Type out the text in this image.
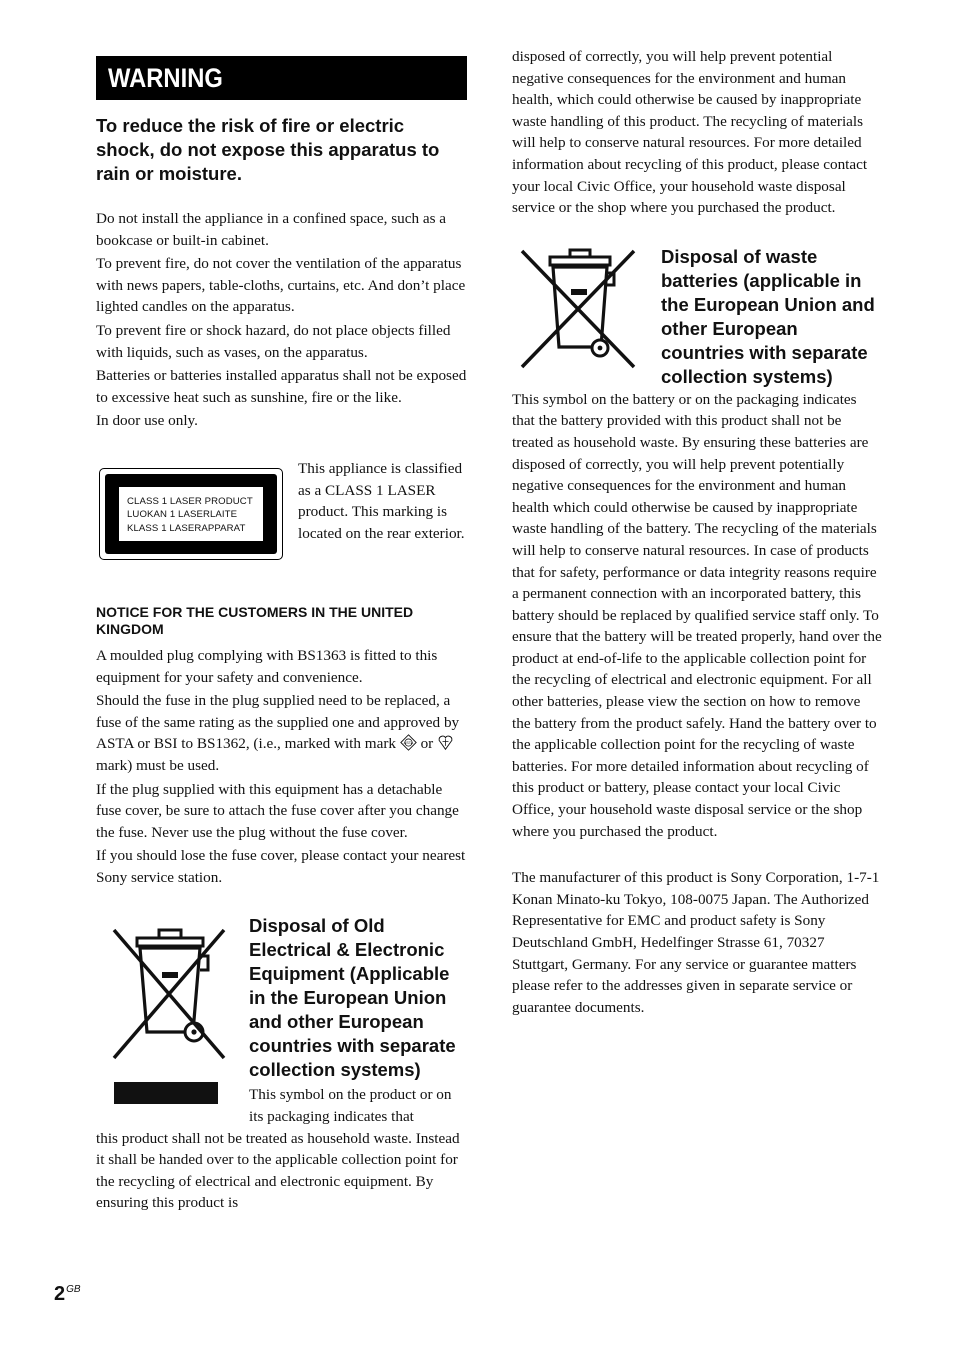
WARNING
To reduce the risk of fire or electric shock, do not expose this apparatus to rain or moisture.

Do not install the appliance in a confined space, such as a bookcase or built-in cabinet.

To prevent fire, do not cover the ventilation of the apparatus with news papers, table-cloths, curtains, etc. And don’t place lighted candles on the apparatus.

To prevent fire or shock hazard, do not place objects filled with liquids, such as vases, on the apparatus.

Batteries or batteries installed apparatus shall not be exposed to excessive heat such as sunshine, fire or the like.

In door use only.

CLASS 1 LASER PRODUCT
LUOKAN 1 LASERLAITE
KLASS 1 LASERAPPARAT
This appliance is classified as a CLASS 1 LASER product. This marking is located on the rear exterior.
NOTICE FOR THE CUSTOMERS IN THE UNITED KINGDOM

A moulded plug complying with BS1363 is fitted to this equipment for your safety and convenience.

Should the fuse in the plug supplied need to be replaced, a fuse of the same rating as the supplied one and approved by ASTA or BSI to BS1362, (i.e., marked with mark ASTA or  mark) must be used.

If the plug supplied with this equipment has a detachable fuse cover, be sure to attach the fuse cover after you change the fuse. Never use the plug without the fuse cover.

If you should lose the fuse cover, please contact your nearest Sony service station.

Disposal of Old Electrical & Electronic Equipment (Applicable in the European Union and other European countries with separate collection systems)
This symbol on the product or on its packaging indicates that
this product shall not be treated as household waste. Instead it shall be handed over to the applicable collection point for the recycling of electrical and electronic equipment. By ensuring this product is
disposed of correctly, you will help prevent potential negative consequences for the environment and human health, which could otherwise be caused by inappropriate waste handling of this product. The recycling of materials will help to conserve natural resources. For more detailed information about recycling of this product, please contact your local Civic Office, your household waste disposal service or the shop where you purchased the product.
Disposal of waste batteries (applicable in the European Union and other European countries with separate collection systems)
This symbol on the battery or on the packaging indicates that the battery provided with this product shall not be treated as household waste. By ensuring these batteries are disposed of correctly, you will help prevent potentially negative consequences for the environment and human health which could otherwise be caused by inappropriate waste handling of the battery. The recycling of the materials will help to conserve natural resources. In case of products that for safety, performance or data integrity reasons require a permanent connection with an incorporated battery, this battery should be replaced by qualified service staff only. To ensure that the battery will be treated properly, hand over the product at end-of-life to the applicable collection point for the recycling of electrical and electronic equipment. For all other batteries, please view the section on how to remove the battery from the product safely. Hand the battery over to the applicable collection point for the recycling of waste batteries. For more detailed information about recycling of this product or battery, please contact your local Civic Office, your household waste disposal service or the shop where you purchased the product.
The manufacturer of this product is Sony Corporation, 1-7-1 Konan Minato-ku Tokyo, 108-0075 Japan. The Authorized Representative for EMC and product safety is Sony Deutschland GmbH, Hedelfinger Strasse 61, 70327 Stuttgart, Germany. For any service or guarantee matters please refer to the addresses given in separate service or guarantee documents.
$2^{GB}$
